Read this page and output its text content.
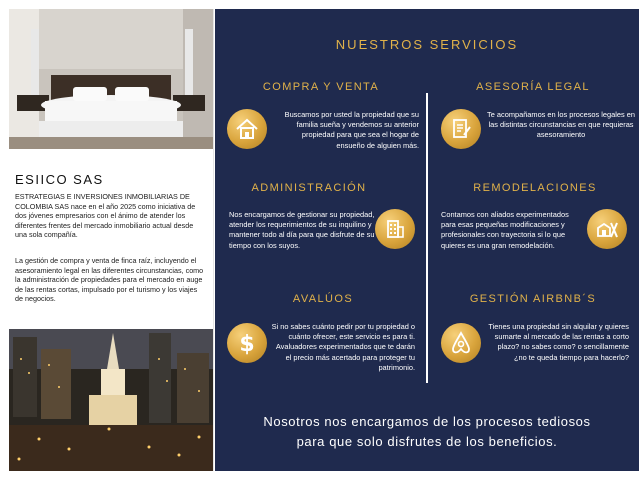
ESIICO SAS
ESTRATEGIAS E INVERSIONES INMOBILIARIAS DE COLOMBIA SAS nace en el año 2025 como iniciativa de dos jóvenes empresarios con el ánimo de atender los diferentes frentes del mercado inmobiliario actual desde una sola compañía.
La gestión de compra y venta de finca raíz, incluyendo el asesoramiento legal en las diferentes circunstancias, como la administración de propiedades para el mercado en auge de las rentas cortas, impulsado por el turismo y los viajes de negocios.
NUESTROS SERVICIOS
COMPRA Y VENTA
Buscamos por usted la propiedad que su familia sueña y vendemos su anterior propiedad para que sea el hogar de ensueño de alguien más.
ASESORÍA LEGAL
Te acompañamos en los procesos legales en las distintas circunstancias en que requieras asesoramiento
ADMINISTRACIÓN
Nos encargamos de gestionar su propiedad, atender los requerimientos de su inquilino y mantener todo al día para que disfrute de su tiempo con los suyos.
REMODELACIONES
Contamos con aliados experimentados para esas pequeñas modificaciones y profesionales con trayectoria si lo que quieres es una gran remodelación.
AVALÚOS
$
Si no sabes cuánto pedir por tu propiedad o cuánto ofrecer, este servicio es para ti. Avaluadores experimentados que te darán el precio más acertado para proteger tu patrimonio.
GESTIÓN AIRBNB´S
Tienes una propiedad sin alquilar y quieres sumarte al mercado de las rentas a corto plazo? no sabes como? o sencillamente ¿no te queda tiempo para hacerlo?
Nosotros nos encargamos de los procesos tediosos
para que solo disfrutes de los beneficios.
